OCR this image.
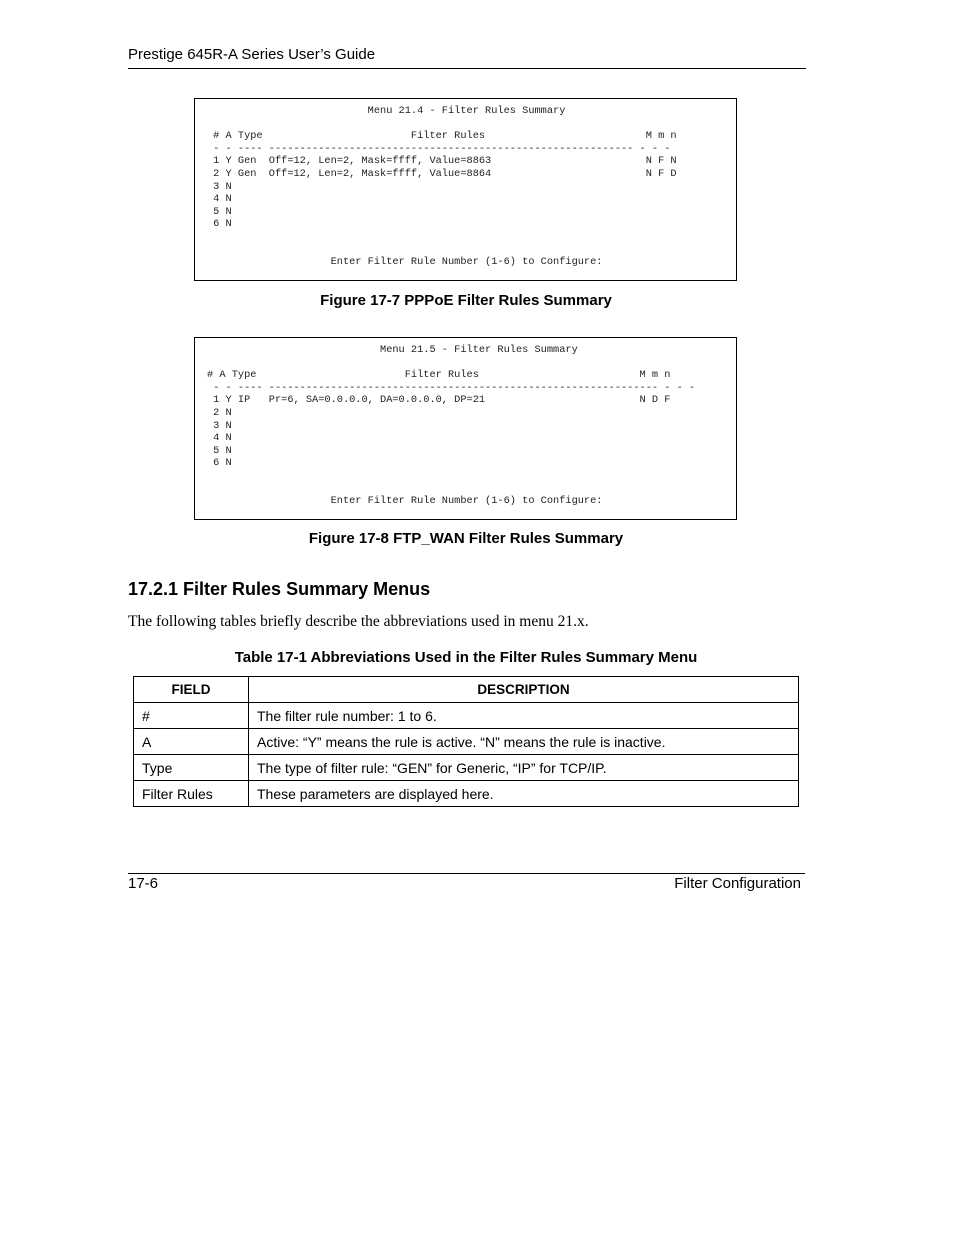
Prestige 645R-A Series User’s Guide
Menu 21.4 - Filter Rules Summary

# A Type                        Filter Rules                          M m n
- - ---- ----------------------------------------------------------- - - -
1 Y Gen  Off=12, Len=2, Mask=ffff, Value=8863                         N F N
2 Y Gen  Off=12, Len=2, Mask=ffff, Value=8864                         N F D
3 N
4 N
5 N
6 N

Enter Filter Rule Number (1-6) to Configure:
Figure 17-7 PPPoE Filter Rules Summary
Menu 21.5 - Filter Rules Summary

# A Type                        Filter Rules                          M m n
- - ---- --------------------------------------------------------------- - - -
1 Y IP   Pr=6, SA=0.0.0.0, DA=0.0.0.0, DP=21                         N D F
2 N
3 N
4 N
5 N
6 N

Enter Filter Rule Number (1-6) to Configure:
Figure 17-8 FTP_WAN Filter Rules Summary
17.2.1 Filter Rules Summary Menus
The following tables briefly describe the abbreviations used in menu 21.x.
Table 17-1 Abbreviations Used in the Filter Rules Summary Menu
FIELD	DESCRIPTION
#	The filter rule number: 1 to 6.
A	Active: “Y” means the rule is active. “N” means the rule is inactive.
Type	The type of filter rule: “GEN” for Generic, “IP” for TCP/IP.
Filter Rules	These parameters are displayed here.
17-6	Filter Configuration
